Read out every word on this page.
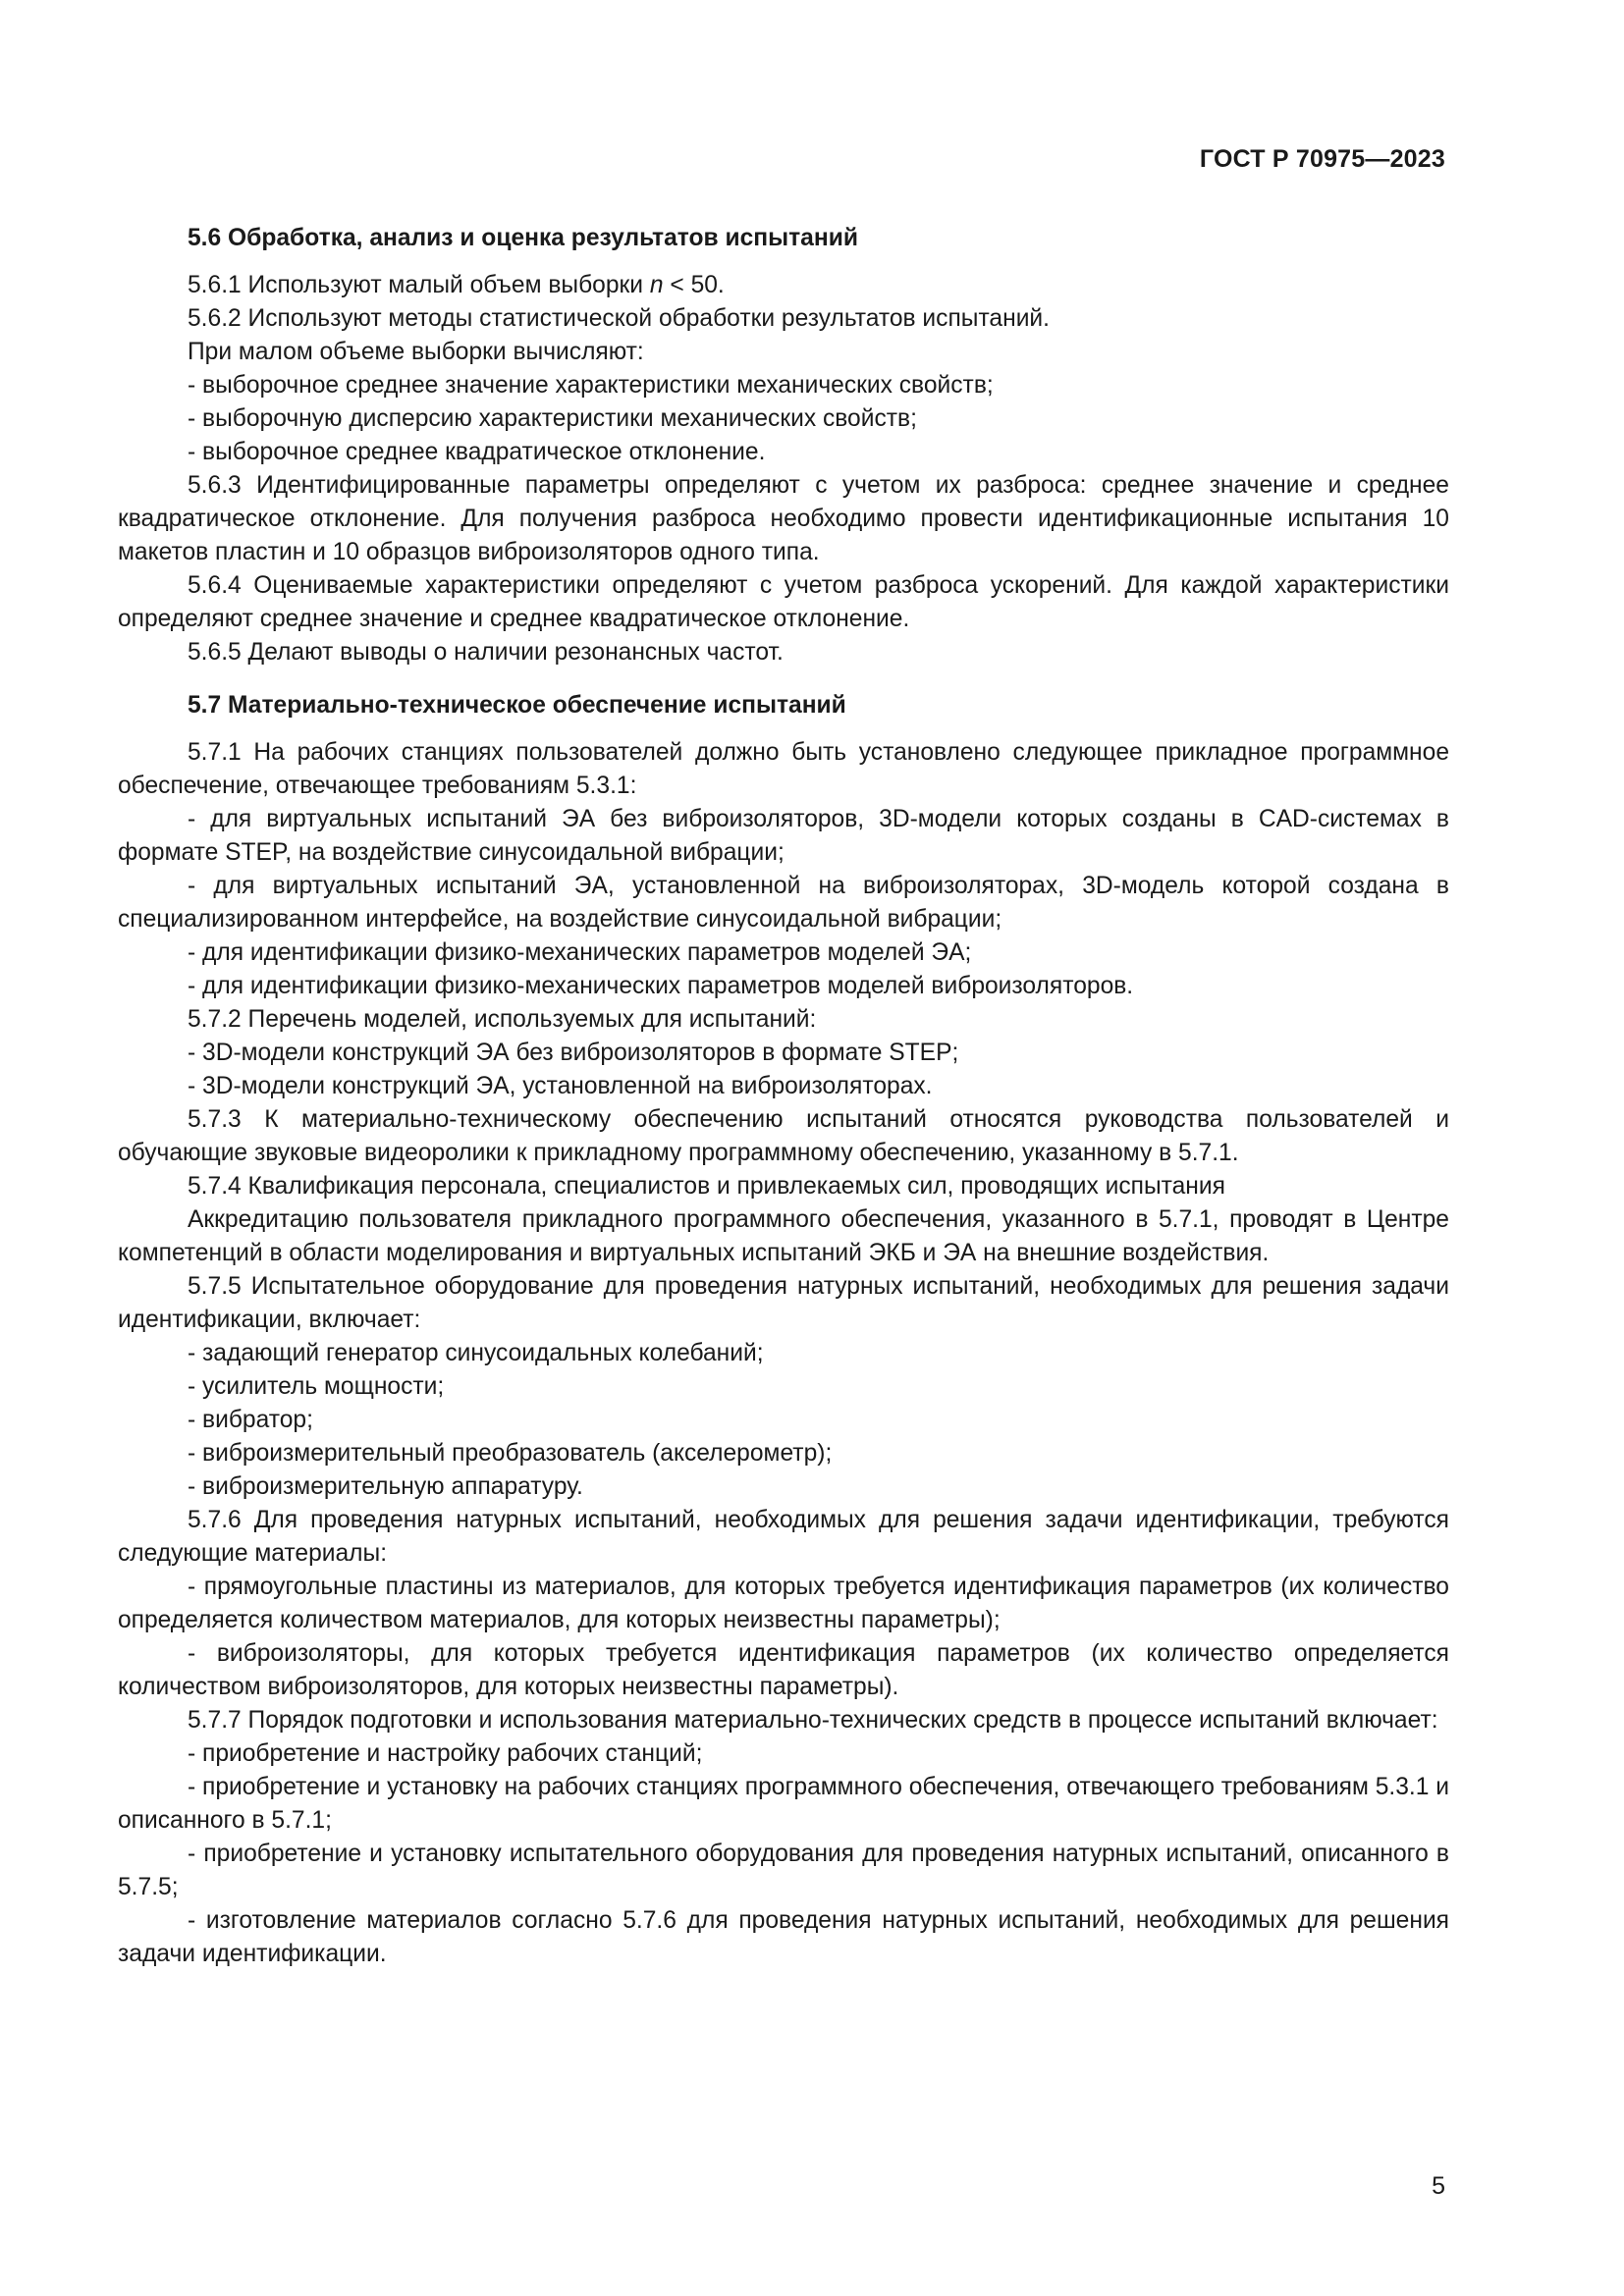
ГОСТ Р 70975—2023

5.6 Обработка, анализ и оценка результатов испытаний

5.6.1 Используют малый объем выборки n < 50.

5.6.2 Используют методы статистической обработки результатов испытаний.

При малом объеме выборки вычисляют:

- выборочное среднее значение характеристики механических свойств;

- выборочную дисперсию характеристики механических свойств;

- выборочное среднее квадратическое отклонение.

5.6.3 Идентифицированные параметры определяют с учетом их разброса: среднее значение и среднее квадратическое отклонение. Для получения разброса необходимо провести идентификационные испытания 10 макетов пластин и 10 образцов виброизоляторов одного типа.

5.6.4 Оцениваемые характеристики определяют с учетом разброса ускорений. Для каждой характеристики определяют среднее значение и среднее квадратическое отклонение.

5.6.5 Делают выводы о наличии резонансных частот.

5.7 Материально-техническое обеспечение испытаний

5.7.1 На рабочих станциях пользователей должно быть установлено следующее прикладное программное обеспечение, отвечающее требованиям 5.3.1:

- для виртуальных испытаний ЭА без виброизоляторов, 3D-модели которых созданы в CAD-системах в формате STEP, на воздействие синусоидальной вибрации;

- для виртуальных испытаний ЭА, установленной на виброизоляторах, 3D-модель которой создана в специализированном интерфейсе, на воздействие синусоидальной вибрации;

- для идентификации физико-механических параметров моделей ЭА;

- для идентификации физико-механических параметров моделей виброизоляторов.

5.7.2 Перечень моделей, используемых для испытаний:

- 3D-модели конструкций ЭА без виброизоляторов в формате STEP;

- 3D-модели конструкций ЭА, установленной на виброизоляторах.

5.7.3 К материально-техническому обеспечению испытаний относятся руководства пользователей и обучающие звуковые видеоролики к прикладному программному обеспечению, указанному в 5.7.1.

5.7.4 Квалификация персонала, специалистов и привлекаемых сил, проводящих испытания

Аккредитацию пользователя прикладного программного обеспечения, указанного в 5.7.1, проводят в Центре компетенций в области моделирования и виртуальных испытаний ЭКБ и ЭА на внешние воздействия.

5.7.5 Испытательное оборудование для проведения натурных испытаний, необходимых для решения задачи идентификации, включает:

- задающий генератор синусоидальных колебаний;

- усилитель мощности;

- вибратор;

- виброизмерительный преобразователь (акселерометр);

- виброизмерительную аппаратуру.

5.7.6 Для проведения натурных испытаний, необходимых для решения задачи идентификации, требуются следующие материалы:

- прямоугольные пластины из материалов, для которых требуется идентификация параметров (их количество определяется количеством материалов, для которых неизвестны параметры);

- виброизоляторы, для которых требуется идентификация параметров (их количество определяется количеством виброизоляторов, для которых неизвестны параметры).

5.7.7 Порядок подготовки и использования материально-технических средств в процессе испытаний включает:

- приобретение и настройку рабочих станций;

- приобретение и установку на рабочих станциях программного обеспечения, отвечающего требованиям 5.3.1 и описанного в 5.7.1;

- приобретение и установку испытательного оборудования для проведения натурных испытаний, описанного в 5.7.5;

- изготовление материалов согласно 5.7.6 для проведения натурных испытаний, необходимых для решения задачи идентификации.

5
